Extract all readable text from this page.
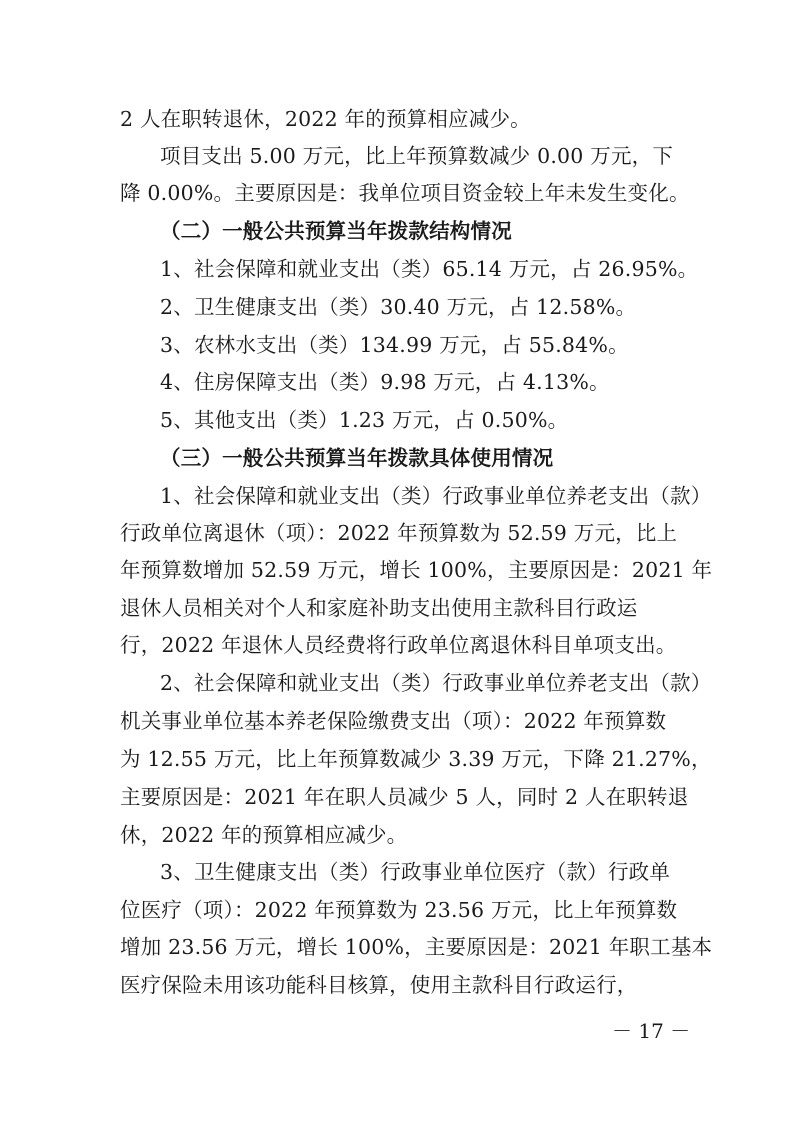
2 人在职转退休，2022 年的预算相应减少。
项目支出 5.00 万元，比上年预算数减少 0.00 万元，下
降 0.00%。主要原因是：我单位项目资金较上年未发生变化。
（二）一般公共预算当年拨款结构情况
1、社会保障和就业支出（类）65.14 万元，占 26.95%。
2、卫生健康支出（类）30.40 万元，占 12.58%。
3、农林水支出（类）134.99 万元，占 55.84%。
4、住房保障支出（类）9.98 万元，占 4.13%。
5、其他支出（类）1.23 万元，占 0.50%。
（三）一般公共预算当年拨款具体使用情况
1、社会保障和就业支出（类）行政事业单位养老支出（款）
行政单位离退休（项）：2022 年预算数为 52.59 万元，比上
年预算数增加 52.59 万元，增长 100%，主要原因是：2021 年
退休人员相关对个人和家庭补助支出使用主款科目行政运
行，2022 年退休人员经费将行政单位离退休科目单项支出。
2、社会保障和就业支出（类）行政事业单位养老支出（款）
机关事业单位基本养老保险缴费支出（项）：2022 年预算数
为 12.55 万元，比上年预算数减少 3.39 万元，下降 21.27%，
主要原因是：2021 年在职人员减少 5 人，同时 2 人在职转退
休，2022 年的预算相应减少。
3、卫生健康支出（类）行政事业单位医疗（款）行政单
位医疗（项）：2022 年预算数为 23.56 万元，比上年预算数
增加 23.56 万元，增长 100%，主要原因是：2021 年职工基本
医疗保险未用该功能科目核算，使用主款科目行政运行，
－ 17 －
